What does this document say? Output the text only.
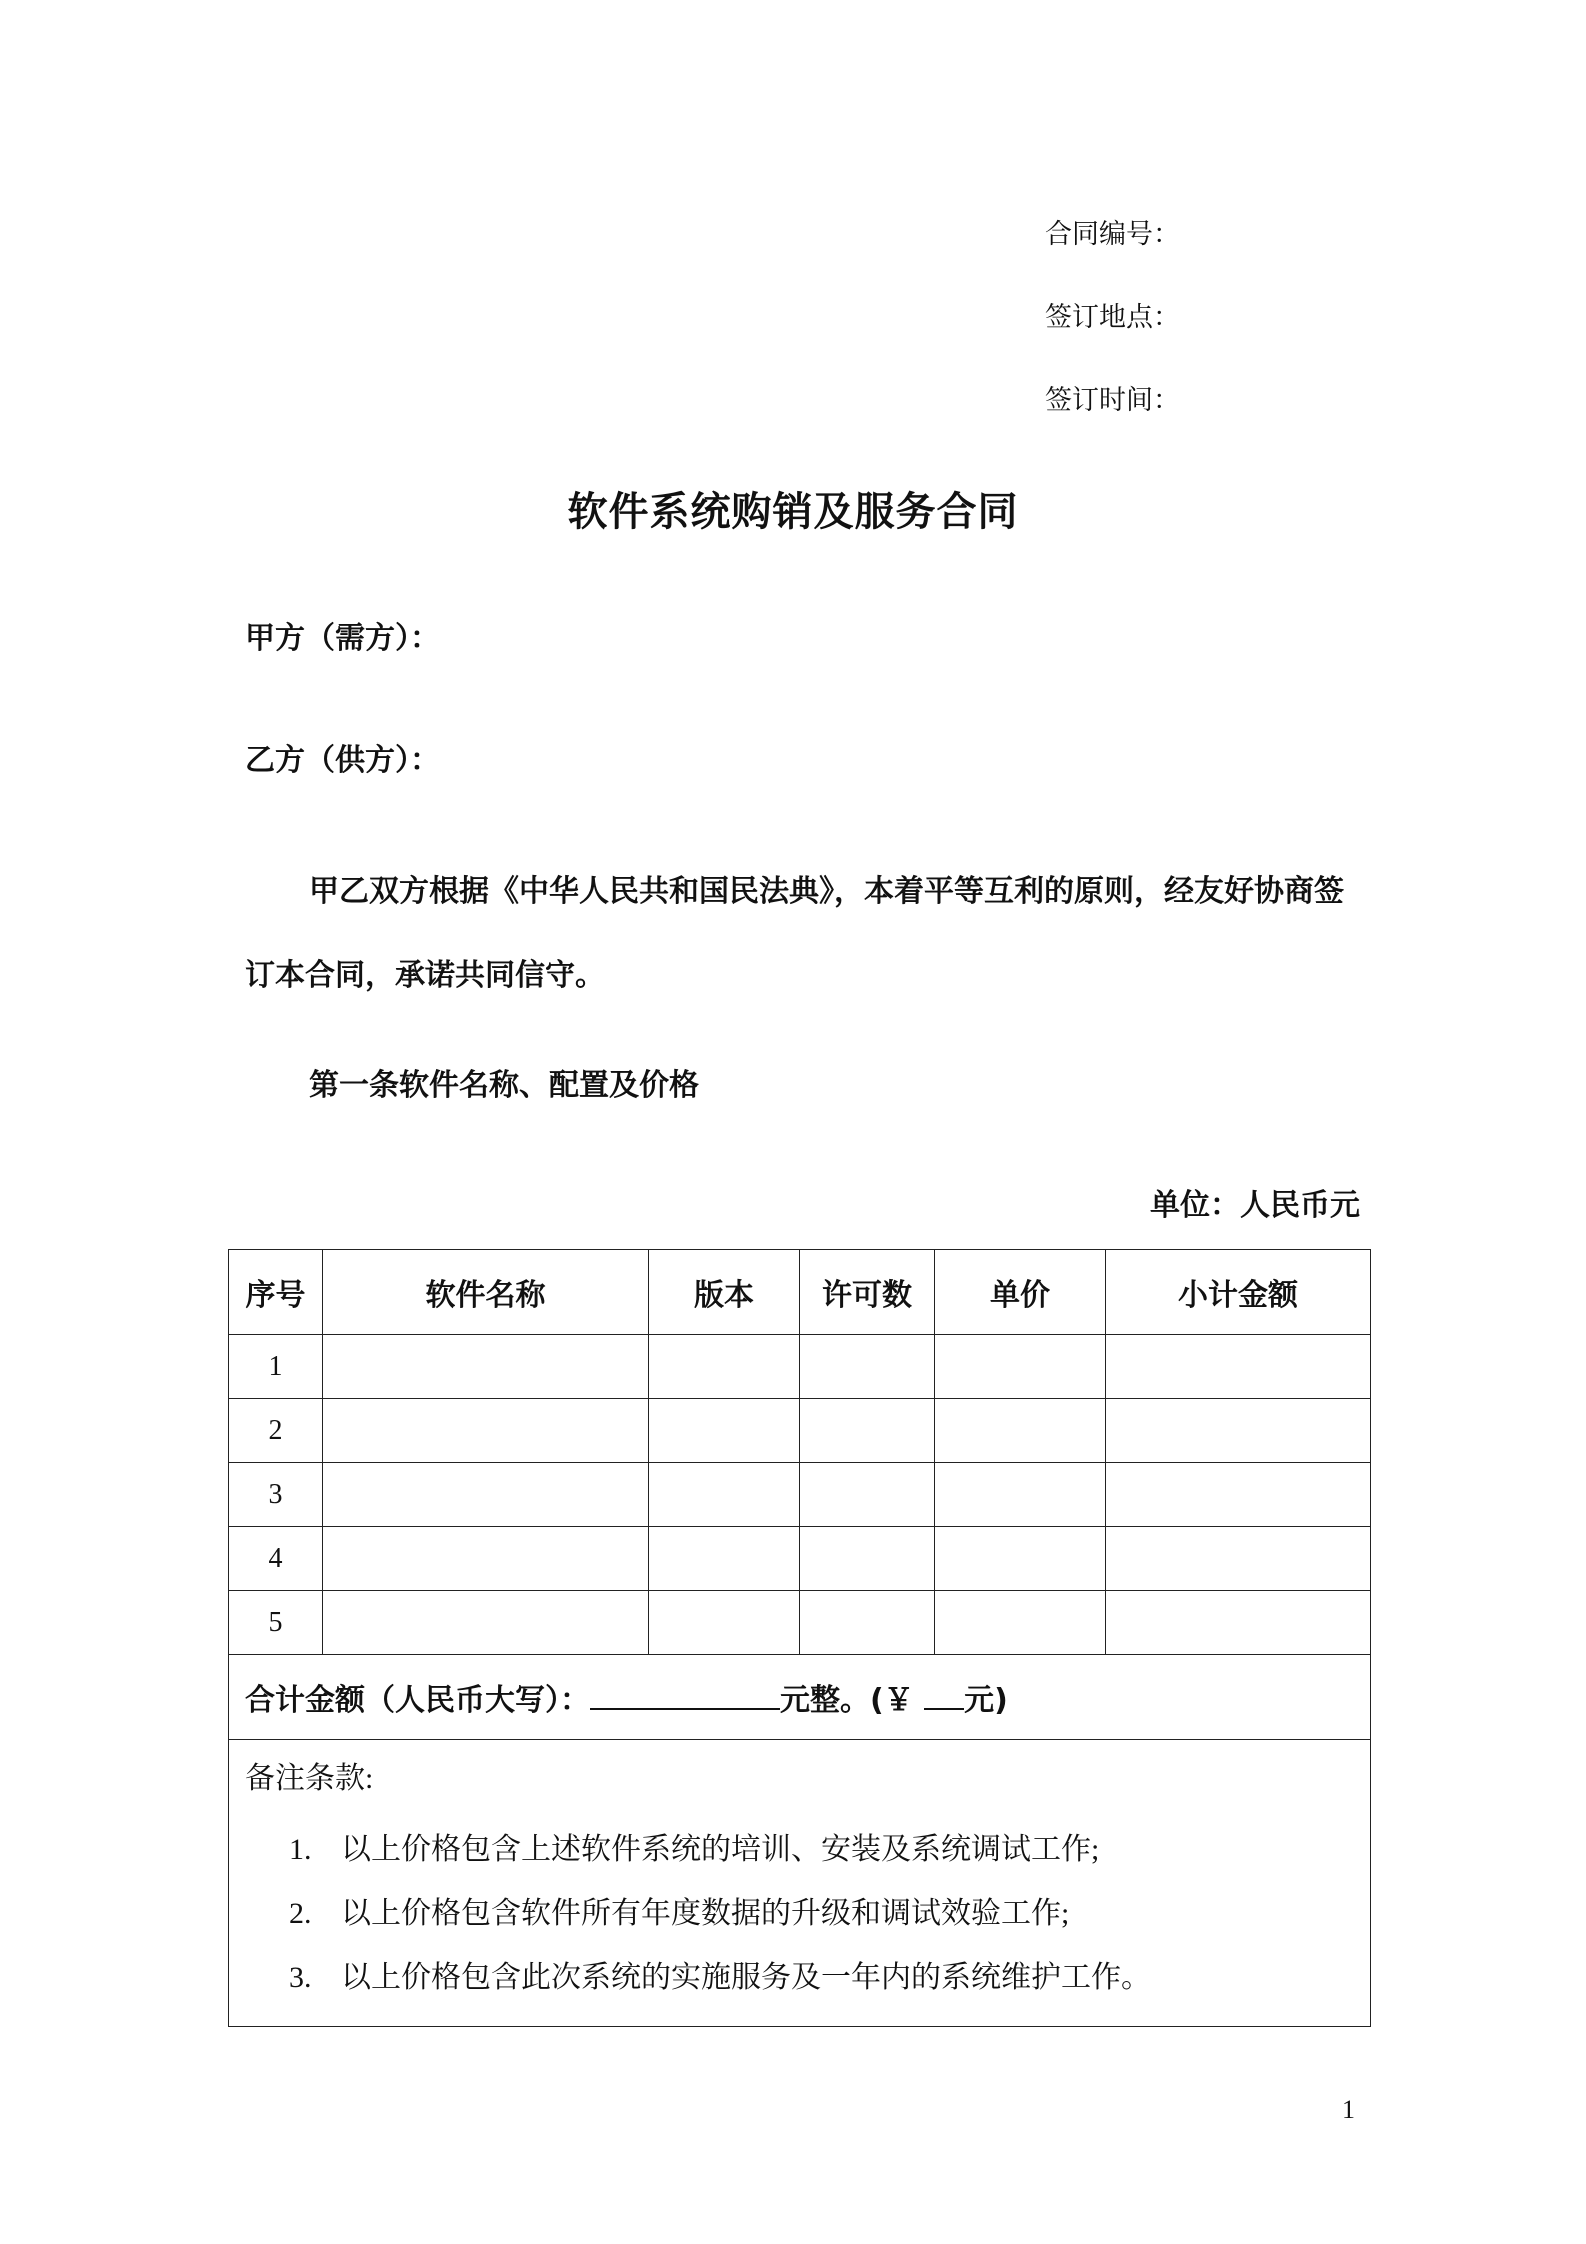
合同编号：
签订地点：
签订时间：
软件系统购销及服务合同
甲方（需方）：
乙方（供方）：
甲乙双方根据《中华人民共和国民法典》，本着平等互利的原则，经友好协商签订本合同，承诺共同信守。
第一条软件名称、配置及价格
单位：人民币元
序号	软件名称	版本	许可数	单价	小计金额
1					
2					
3					
4					
5					
合计金额（人民币大写）： 元整。(￥ 元)					

备注条款:
1. 以上价格包含上述软件系统的培训、安装及系统调试工作;
2. 以上价格包含软件所有年度数据的升级和调试效验工作;
3. 以上价格包含此次系统的实施服务及一年内的系统维护工作。					
1
